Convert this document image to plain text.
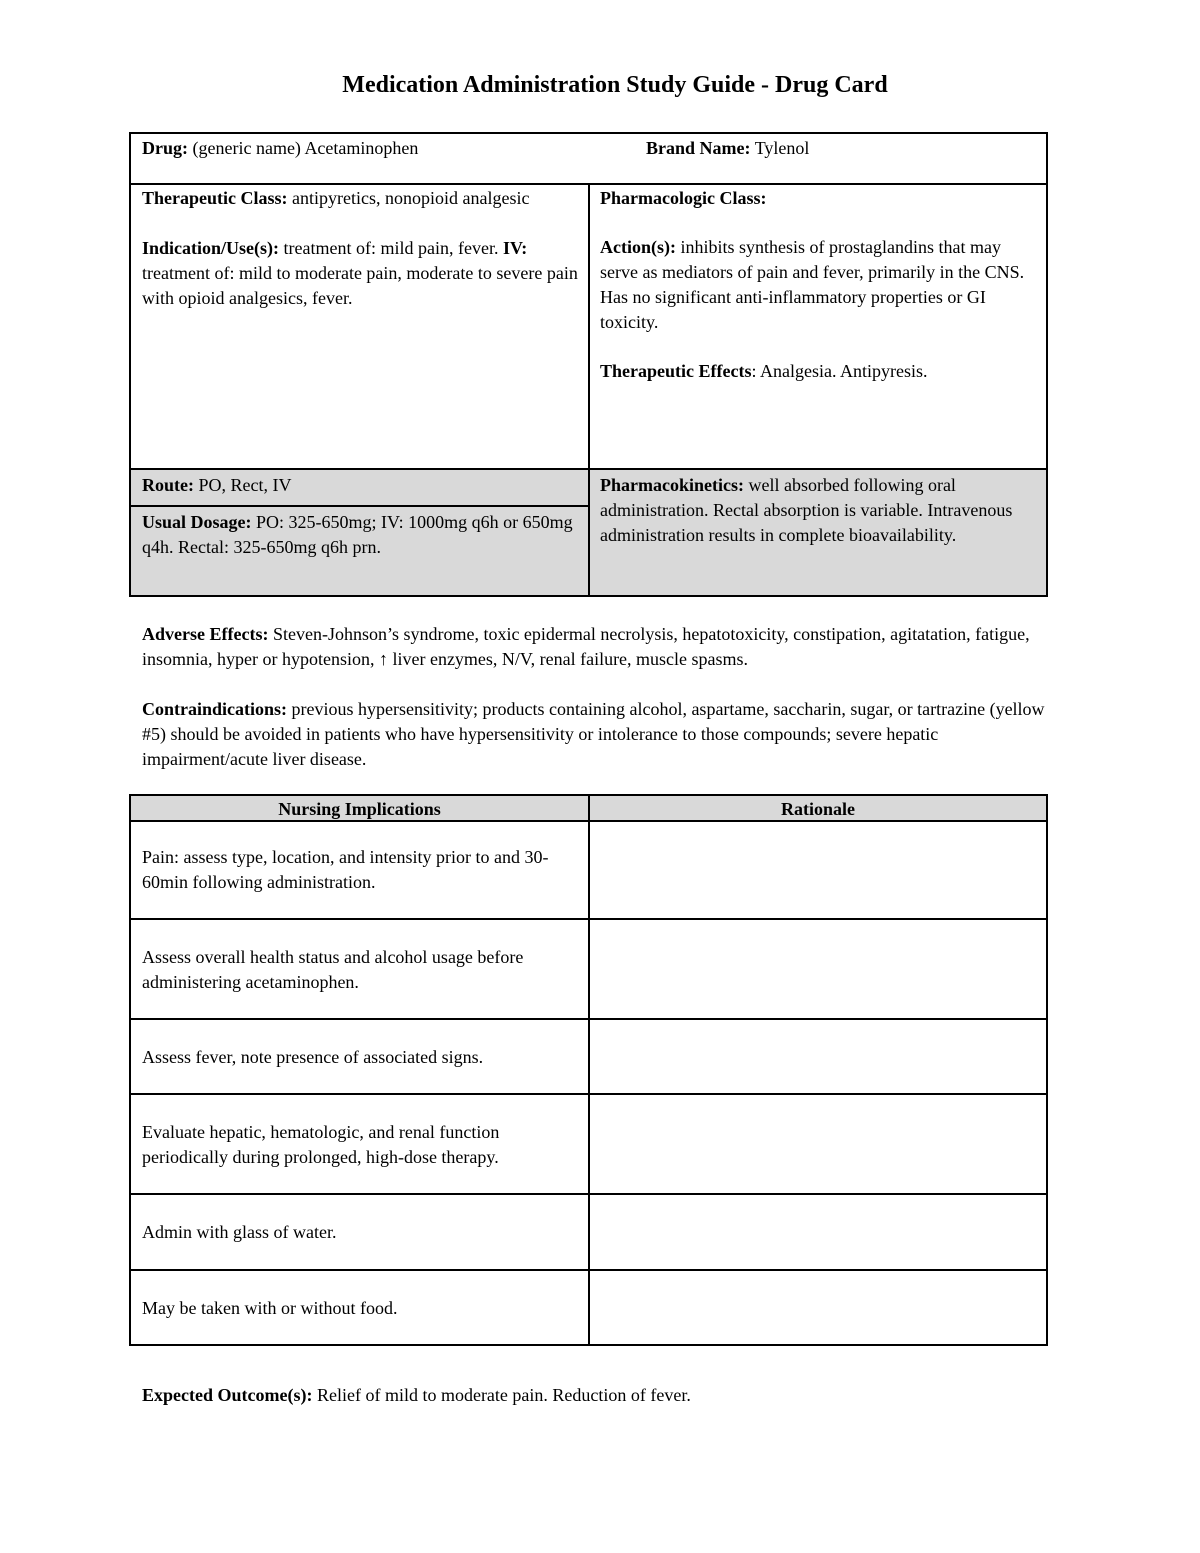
Medication Administration Study Guide - Drug Card
Drug: (generic name) Acetaminophen	Brand Name: Tylenol
Therapeutic Class: antipyretics, nonopioid analgesic
Indication/Use(s): treatment of: mild pain, fever. IV: treatment of: mild to moderate pain, moderate to severe pain with opioid analgesics, fever.
Pharmacologic Class:
Action(s): inhibits synthesis of prostaglandins that may serve as mediators of pain and fever, primarily in the CNS. Has no significant anti-inflammatory properties or GI toxicity.
Therapeutic Effects: Analgesia. Antipyresis.
Route: PO, Rect, IV
Usual Dosage: PO: 325-650mg; IV: 1000mg q6h or 650mg q4h. Rectal: 325-650mg q6h prn.
Pharmacokinetics: well absorbed following oral administration. Rectal absorption is variable. Intravenous administration results in complete bioavailability.

Adverse Effects: Steven-Johnson’s syndrome, toxic epidermal necrolysis, hepatotoxicity, constipation, agitatation, fatigue, insomnia, hyper or hypotension, ↑ liver enzymes, N/V, renal failure, muscle spasms.

Contraindications: previous hypersensitivity; products containing alcohol, aspartame, saccharin, sugar, or tartrazine (yellow #5) should be avoided in patients who have hypersensitivity or intolerance to those compounds; severe hepatic impairment/acute liver disease.

Nursing Implications	Rationale
Pain: assess type, location, and intensity prior to and 30-60min following administration.
Assess overall health status and alcohol usage before administering acetaminophen.
Assess fever, note presence of associated signs.
Evaluate hepatic, hematologic, and renal function periodically during prolonged, high-dose therapy.
Admin with glass of water.
May be taken with or without food.

Expected Outcome(s): Relief of mild to moderate pain. Reduction of fever.
